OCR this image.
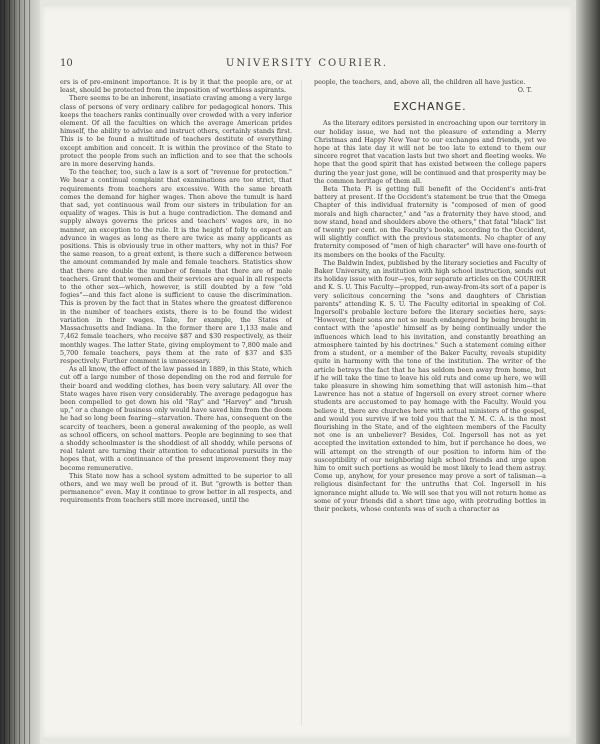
10	UNIVERSITY COURIER.

ers is of pre-eminent importance. It is by it that the people are, or at least, should be protected from the imposition of worthless aspirants.

There seems to be an inherent, insatiate craving among a very large class of persons of very ordinary calibre for pedagogical honors. This keeps the teachers ranks continually over crowded with a very inferior element. Of all the faculties on which the average American prides himself, the ability to advise and instruct others, certainly stands first. This is to be found a multitude of teachers destitute of everything except ambition and conceit. It is within the province of the State to protect the people from such an infliction and to see that the schools are in more deserving hands.

To the teacher, too, such a law is a sort of "revenue for protection." We hear a continual complaint that examinations are too strict, that requirements from teachers are excessive. With the same breath comes the demand for higher wages. Then above the tumult is hard that sad, yet continuous wail from our sisters in tribulation for an equality of wages. This is but a huge contradiction. The demand and supply always governs the prices and teachers' wages are, in no manner, an exception to the rule. It is the height of folly to expect an advance in wages as long as there are twice as many applicants as positions. This is obviously true in other matters, why not in this? For the same reason, to a great extent, is there such a difference between the amount commanded by male and female teachers. Statistics show that there are double the number of female that there are of male teachers. Grant that women and their services are equal in all respects to the other sex—which, however, is still doubted by a few "old fogies"—and this fact alone is sufficient to cause the discrimination. This is proven by the fact that in States where the greatest difference in the number of teachers exists, there is to be found the widest variation in their wages. Take, for example, the States of Massachusetts and Indiana. In the former there are 1,133 male and 7,462 female teachers, who receive $87 and $30 respectively, as their monthly wages. The latter State, giving employment to 7,800 male and 5,700 female teachers, pays them at the rate of $37 and $35 respectively. Further comment is unnecessary.

As all know, the effect of the law passed in 1889, in this State, which cut off a large number of those depending on the rod and ferrule for their board and wedding clothes, has been very salutary. All over the State wages have risen very considerably. The average pedagogue has been compelled to get down his old "Ray" and "Harvey" and "brush up," or a change of business only would have saved him from the doom he had so long been fearing—starvation. There has, consequent on the scarcity of teachers, been a general awakening of the people, as well as school officers, on school matters. People are beginning to see that a shoddy schoolmaster is the shoddiest of all shoddy, while persons of real talent are turning their attention to educational pursuits in the hopes that, with a continuance of the present improvement they may become remunerative.

This State now has a school system admitted to be superior to all others, and we may well be proud of it. But "growth is better than permanence" even. May it continue to grow better in all respects, and requirements from teachers still more increased, until the

people, the teachers, and, above all, the children all have justice.

O. T.
EXCHANGE.

As the literary editors persisted in encroaching upon our territory in our holiday issue, we had not the pleasure of extending a Merry Christmas and Happy New Year to our exchanges and friends, yet we hope at this late day it will not be too late to extend to them our sincere regret that vacation lasts but two short and fleeting weeks. We hope that the good spirit that has existed between the college papers during the year just gone, will be continued and that prosperity may be the common heritage of them all.

Beta Theta Pi is getting full benefit of the Occident's anti-frat battery at present. If the Occident's statement be true that the Omega Chapter of this individual fraternity is "composed of men of good morals and high character," and "as a fraternity they have stood, and now stand, head and shoulders above the others," that fatal "black" list of twenty per cent. on the Faculty's books, according to the Occident, will slightly conflict with the previous statements. No chapter of any fraternity composed of "men of high character" will have one-fourth of its members on the books of the Faculty.

The Baldwin Index, published by the literary societies and Faculty of Baker University, an institution with high school instruction, sends out its holiday issue with four—yes, four separate articles on the COURIER and K. S. U. This Faculty—propped, run-away-from-its sort of a paper is very solicitous concerning the "sons and daughters of Christian parents" attending K. S. U. The Faculty editorial in speaking of Col. Ingersoll's probable lecture before the literary societies here, says: "However, their sons are not so much endangered by being brought in contact with the 'apostle' himself as by being continually under the influences which lead to his invitation, and constantly breathing an atmosphere tainted by his doctrines." Such a statement coming either from a student, or a member of the Baker Faculty, reveals stupidity quite in harmony with the tone of the institution. The writer of the article betrays the fact that he has seldom been away from home, but if he will take the time to leave his old ruts and come up here, we will take pleasure in showing him something that will astonish him—that Lawrence has not a statue of Ingersoll on every street corner where students are accustomed to pay homage with the Faculty. Would you believe it, there are churches here with actual ministers of the gospel, and would you survive if we told you that the Y. M. C. A. is the most flourishing in the State, and of the eighteen members of the Faculty not one is an unbeliever? Besides, Col. Ingersoll has not as yet accepted the invitation extended to him, but if perchance he does, we will attempt on the strength of our position to inform him of the susceptibility of our neighboring high school friends and urge upon him to omit such portions as would be most likely to lead them astray. Come up, anyhow, for your presence may prove a sort of talisman—a religious disinfectant for the untruths that Col. Ingersoll in his ignorance might allude to. We will see that you will not return home as some of your friends did a short time ago, with protruding bottles in their pockets, whose contents was of such a character as
